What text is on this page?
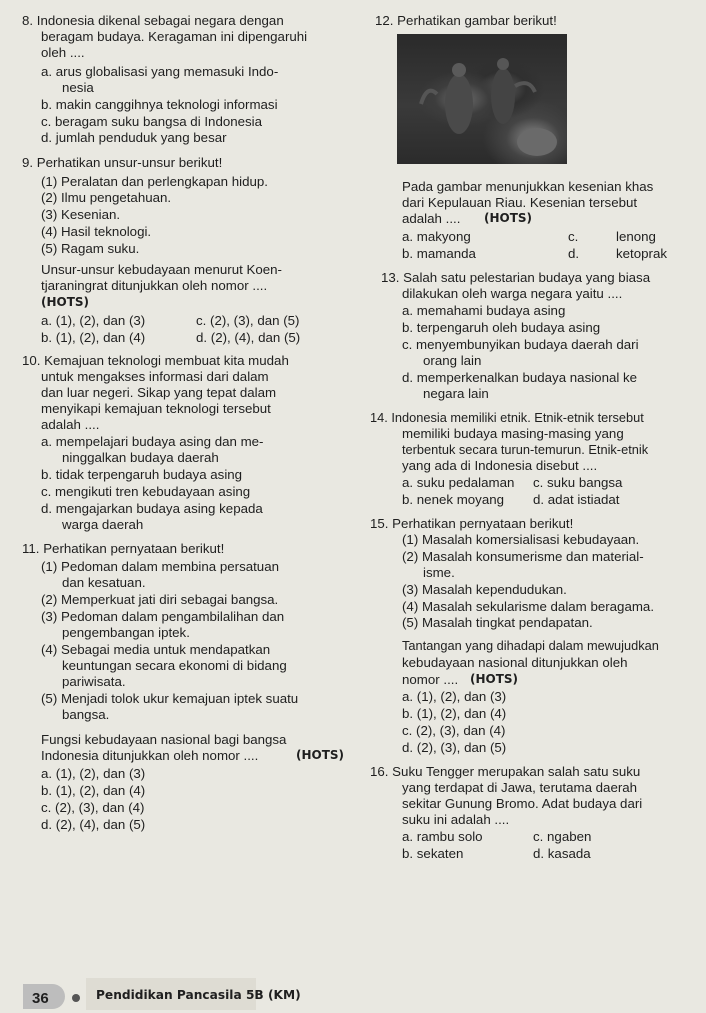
8. Indonesia dikenal sebagai negara dengan
beragam budaya. Keragaman ini dipengaruhi
oleh ....
a. arus globalisasi yang memasuki Indo-
nesia
b. makin canggihnya teknologi informasi
c. beragam suku bangsa di Indonesia
d. jumlah penduduk yang besar
9. Perhatikan unsur-unsur berikut!
(1) Peralatan dan perlengkapan hidup.
(2) Ilmu pengetahuan.
(3) Kesenian.
(4) Hasil teknologi.
(5) Ragam suku.
Unsur-unsur kebudayaan menurut Koen-
tjaraningrat ditunjukkan oleh nomor ....
(HOTS)
a. (1), (2), dan (3)	c. (2), (3), dan (5)
b. (1), (2), dan (4)	d. (2), (4), dan (5)
10. Kemajuan teknologi membuat kita mudah
untuk mengakses informasi dari dalam
dan luar negeri. Sikap yang tepat dalam
menyikapi kemajuan teknologi tersebut
adalah ....
a. mempelajari budaya asing dan me-
ninggalkan budaya daerah
b. tidak terpengaruh budaya asing
c. mengikuti tren kebudayaan asing
d. mengajarkan budaya asing kepada
warga daerah
11. Perhatikan pernyataan berikut!
(1) Pedoman dalam membina persatuan
dan kesatuan.
(2) Memperkuat jati diri sebagai bangsa.
(3) Pedoman dalam pengambilalihan dan
pengembangan iptek.
(4) Sebagai media untuk mendapatkan
keuntungan secara ekonomi di bidang
pariwisata.
(5) Menjadi tolok ukur kemajuan iptek suatu
bangsa.
Fungsi kebudayaan nasional bagi bangsa
Indonesia ditunjukkan oleh nomor ....	(HOTS)
a. (1), (2), dan (3)
b. (1), (2), dan (4)
c. (2), (3), dan (4)
d. (2), (4), dan (5)
12. Perhatikan gambar berikut!
Pada gambar menunjukkan kesenian khas
dari Kepulauan Riau. Kesenian tersebut
adalah .... (HOTS)
a. makyong	c.	lenong
b. mamanda	d.	ketoprak
13. Salah satu pelestarian budaya yang biasa
dilakukan oleh warga negara yaitu ....
a. memahami budaya asing
b. terpengaruh oleh budaya asing
c. menyembunyikan budaya daerah dari
orang lain
d. memperkenalkan budaya nasional ke
negara lain
14. Indonesia memiliki etnik. Etnik-etnik tersebut
memiliki budaya masing-masing yang
terbentuk secara turun-temurun. Etnik-etnik
yang ada di Indonesia disebut ....
a. suku pedalaman c. suku bangsa
b. nenek moyang d. adat istiadat
15. Perhatikan pernyataan berikut!
(1) Masalah komersialisasi kebudayaan.
(2) Masalah konsumerisme dan material-
isme.
(3) Masalah kependudukan.
(4) Masalah sekularisme dalam beragama.
(5) Masalah tingkat pendapatan.
Tantangan yang dihadapi dalam mewujudkan
kebudayaan nasional ditunjukkan oleh
nomor .... (HOTS)
a. (1), (2), dan (3)
b. (1), (2), dan (4)
c. (2), (3), dan (4)
d. (2), (3), dan (5)
16. Suku Tengger merupakan salah satu suku
yang terdapat di Jawa, terutama daerah
sekitar Gunung Bromo. Adat budaya dari
suku ini adalah ....
a. rambu solo	c. ngaben
b. sekaten	d. kasada
36	Pendidikan Pancasila 5B (KM)
